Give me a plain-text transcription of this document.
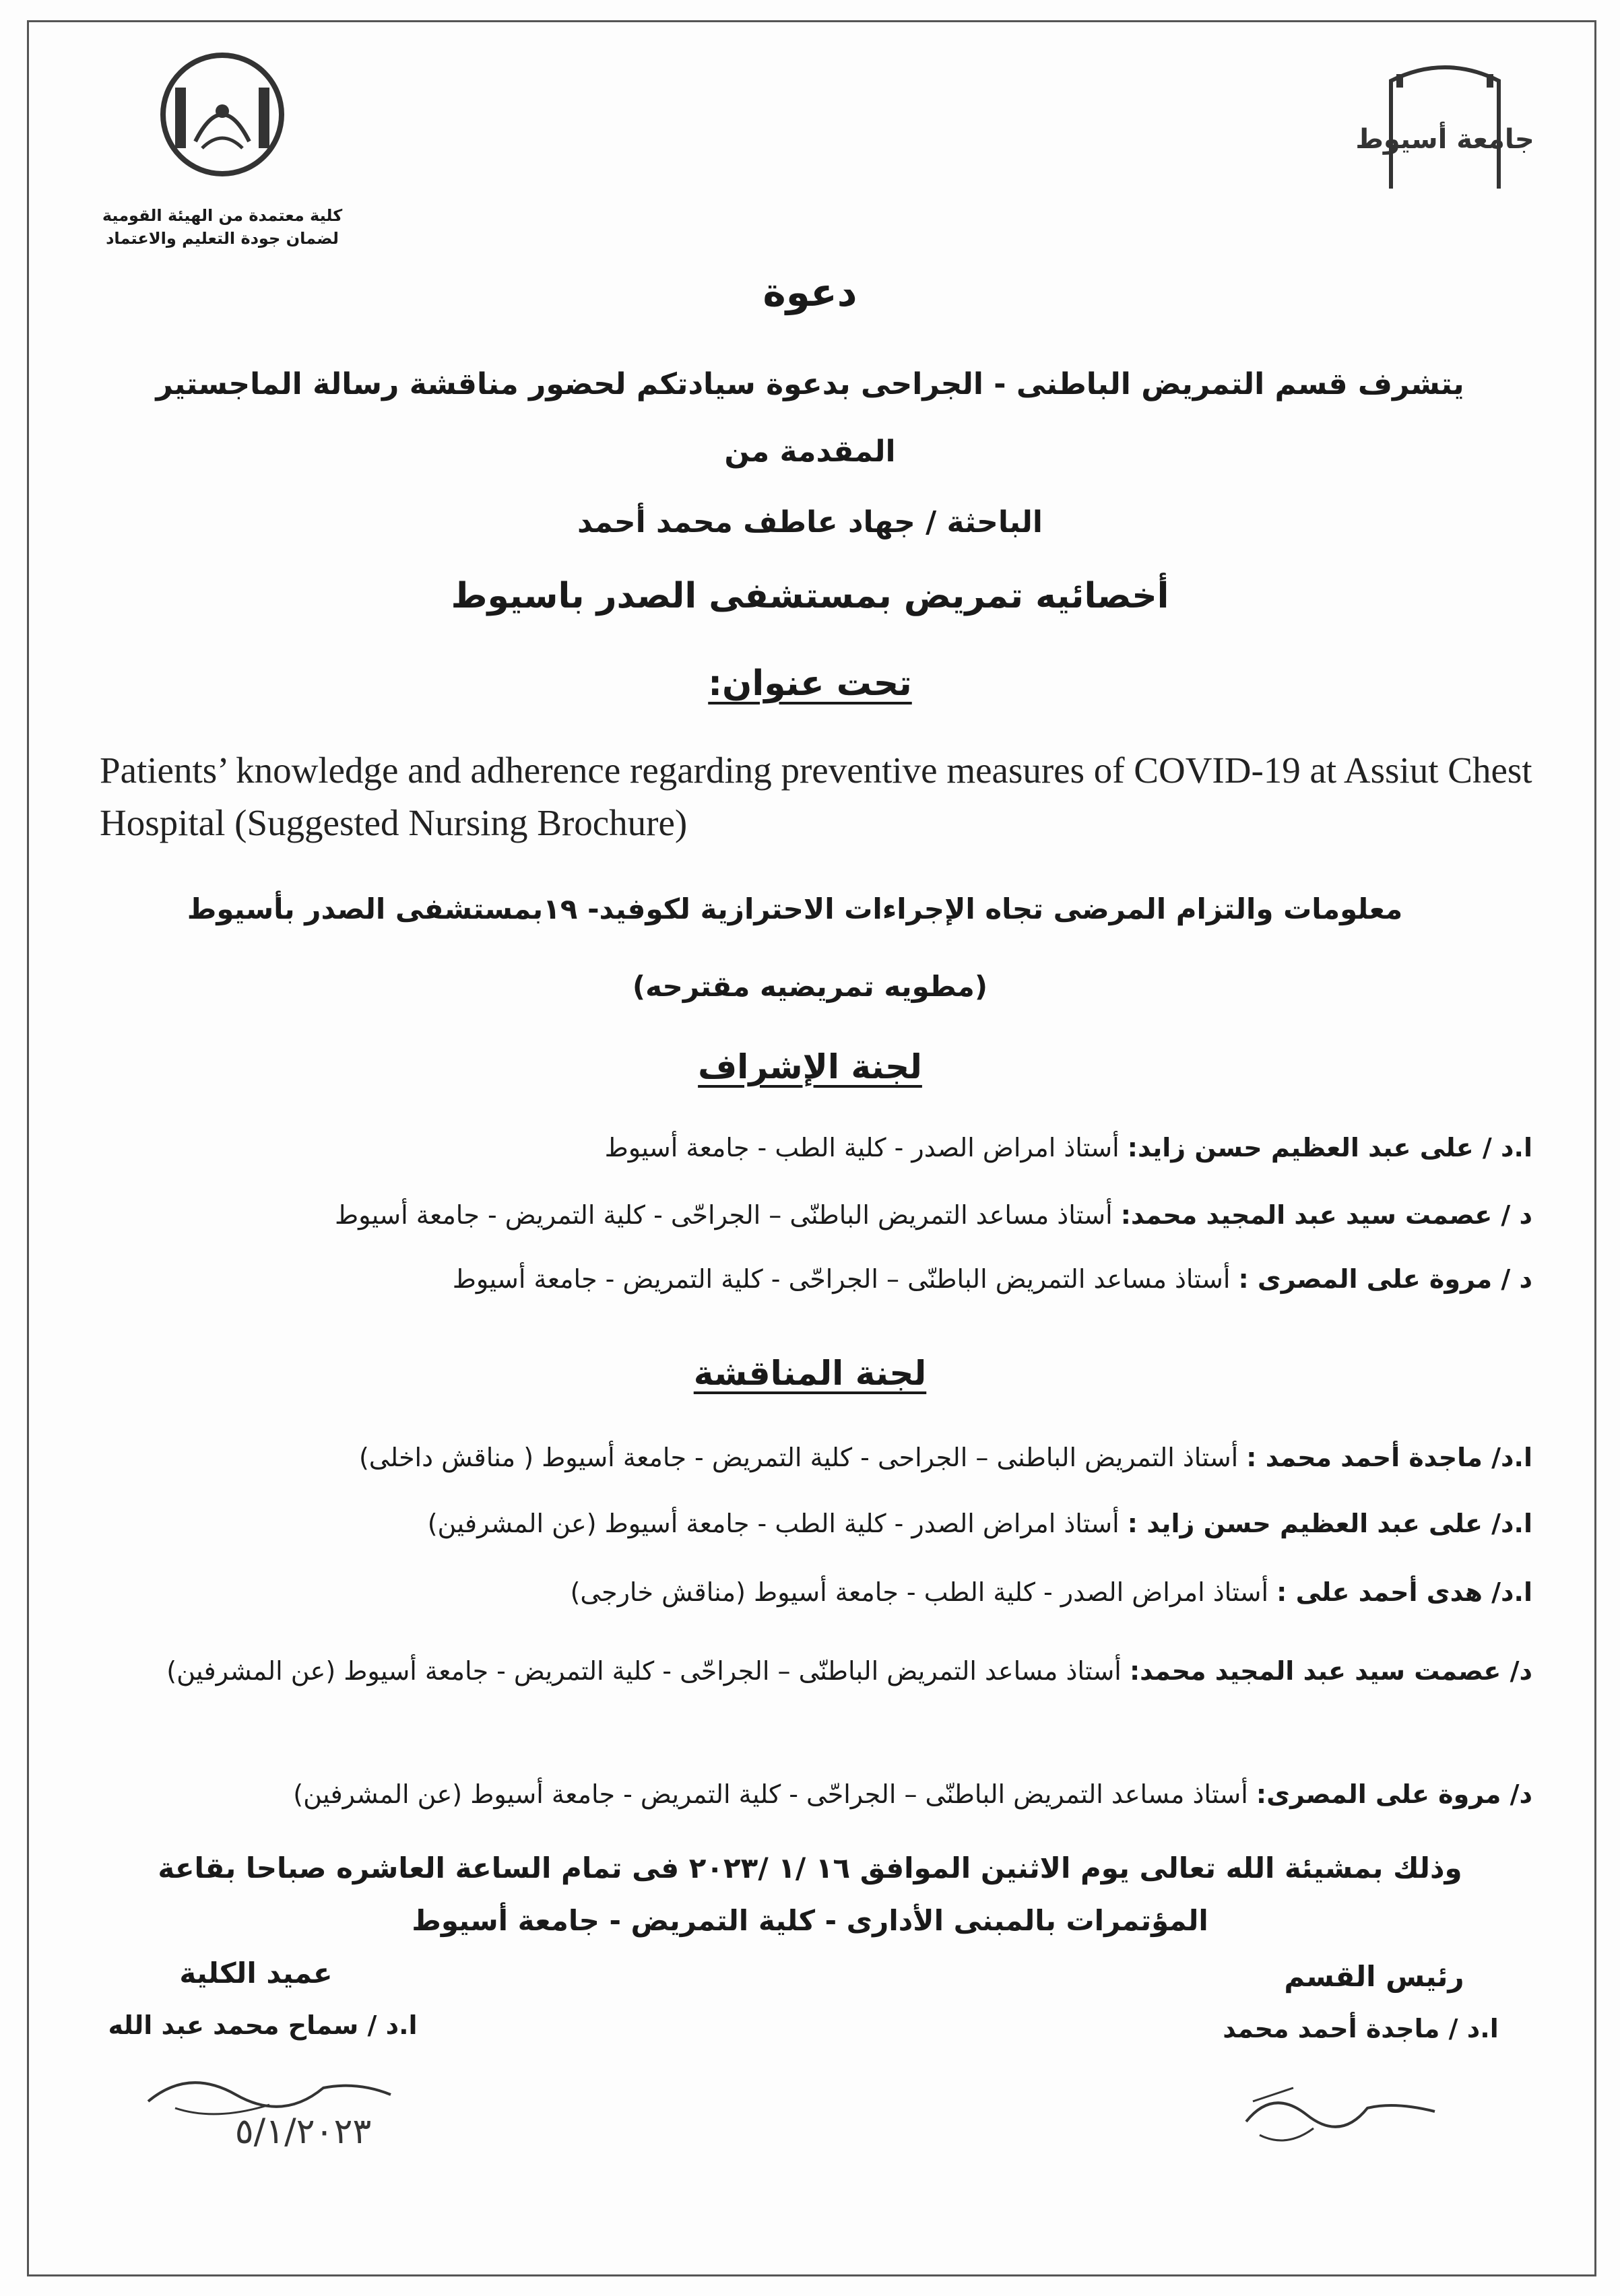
كلية معتمدة من الهيئة القومية
لضمان جودة التعليم والاعتماد
جامعة أسيوط
دعوة
يتشرف قسم التمريض الباطنى - الجراحى بدعوة سيادتكم لحضور مناقشة رسالة الماجستير
المقدمة من
الباحثة / جهاد عاطف محمد أحمد
أخصائيه تمريض بمستشفى الصدر باسيوط
تحت عنوان:
Patients’ knowledge and adherence regarding preventive measures of COVID-19 at Assiut Chest Hospital (Suggested Nursing Brochure)
معلومات والتزام المرضى تجاه الإجراءات الاحترازية لكوفيد- ١٩بمستشفى الصدر بأسيوط
(مطويه تمريضيه مقترحه)
لجنة الإشراف
ا.د / على عبد العظيم حسن زايد: أستاذ امراض الصدر - كلية الطب - جامعة أسيوط
د / عصمت سيد عبد المجيد محمد: أستاذ مساعد التمريض الباطنّى – الجراحّى - كلية التمريض - جامعة أسيوط
د / مروة على المصرى : أستاذ مساعد التمريض الباطنّى – الجراحّى - كلية التمريض - جامعة أسيوط
لجنة المناقشة
ا.د/ ماجدة أحمد محمد : أستاذ التمريض الباطنى – الجراحى - كلية التمريض - جامعة أسيوط ( مناقش داخلى)
ا.د/ على عبد العظيم حسن زايد : أستاذ امراض الصدر - كلية الطب - جامعة أسيوط (عن المشرفين)
ا.د/ هدى أحمد على : أستاذ امراض الصدر - كلية الطب - جامعة أسيوط (مناقش خارجى)
د/ عصمت سيد عبد المجيد محمد: أستاذ مساعد التمريض الباطنّى – الجراحّى - كلية التمريض - جامعة أسيوط (عن المشرفين)
د/ مروة على المصرى: أستاذ مساعد التمريض الباطنّى – الجراحّى - كلية التمريض - جامعة أسيوط (عن المشرفين)
وذلك بمشيئة الله تعالى يوم الاثنين الموافق ١٦ /١ /٢٠٢٣ فى تمام الساعة العاشره صباحا بقاعة
المؤتمرات بالمبنى الأدارى - كلية التمريض - جامعة أسيوط
رئيس القسم
ا.د / ماجدة أحمد محمد
عميد الكلية
ا.د / سماح محمد عبد الله
٥/١/٢٠٢٣
